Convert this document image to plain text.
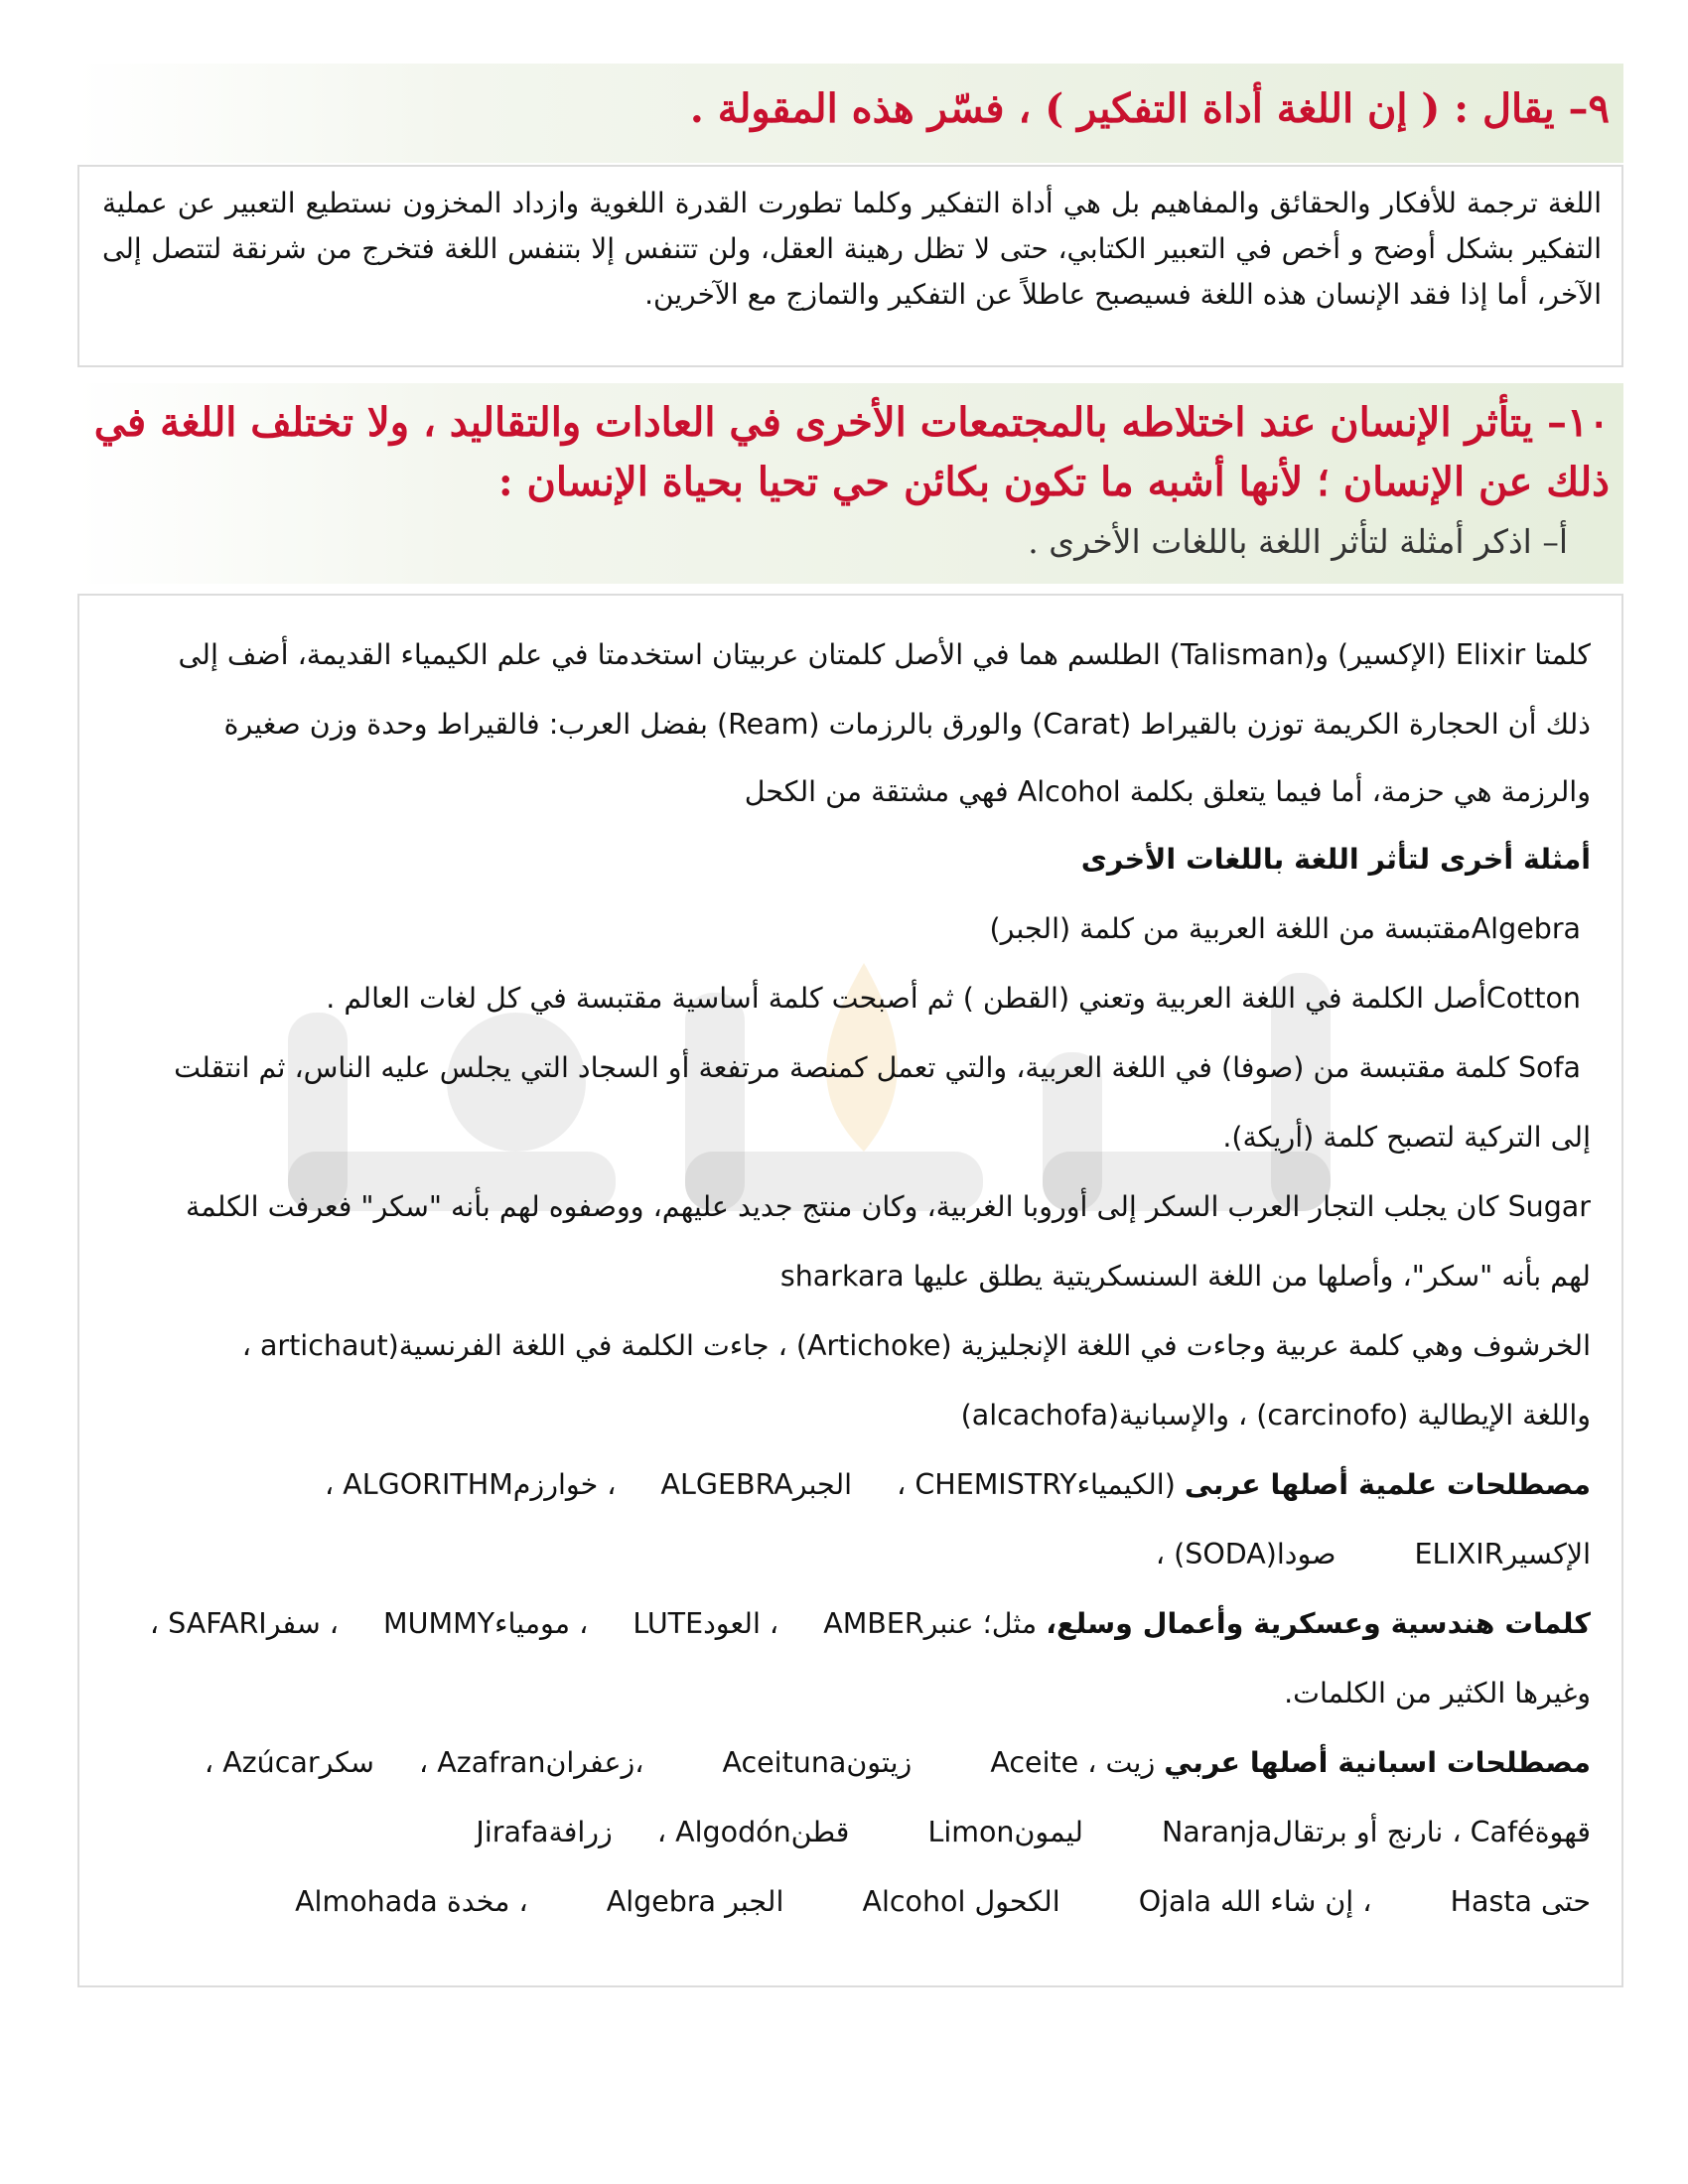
٩– يقال : ( إن اللغة أداة التفكير ) ، فسّر هذه المقولة .

اللغة ترجمة للأفكار والحقائق والمفاهيم بل هي أداة التفكير وكلما تطورت القدرة اللغوية وازداد المخزون نستطيع التعبير عن عملية التفكير بشكل أوضح و أخص في التعبير الكتابي، حتى لا تظل رهينة العقل، ولن تتنفس إلا بتنفس اللغة فتخرج من شرنقة لتتصل إلى الآخر، أما إذا فقد الإنسان هذه اللغة فسيصبح عاطلاً عن التفكير والتمازج مع الآخرين.

١٠– يتأثر الإنسان عند اختلاطه بالمجتمعات الأخرى في العادات والتقاليد ، ولا تختلف اللغة في
ذلك عن الإنسان ؛ لأنها أشبه ما تكون بكائن حي تحيا بحياة الإنسان :
أ– اذكر أمثلة لتأثر اللغة باللغات الأخرى .
كلمتا Elixir (الإكسير) و(Talisman) الطلسم هما في الأصل كلمتان عربيتان استخدمتا في علم الكيمياء القديمة، أضف إلى
ذلك أن الحجارة الكريمة توزن بالقيراط (Carat) والورق بالرزمات (Ream) بفضل العرب: فالقيراط وحدة وزن صغيرة
والرزمة هي حزمة، أما فيما يتعلق بكلمة Alcohol فهي مشتقة من الكحل
أمثلة أخرى لتأثر اللغة باللغات الأخرى
Algebraمقتبسة من اللغة العربية من كلمة (الجبر)
Cottonأصل الكلمة في اللغة العربية وتعني (القطن ) ثم أصبحت كلمة أساسية مقتبسة في كل لغات العالم .
Sofa كلمة مقتبسة من (صوفا) في اللغة العربية، والتي تعمل كمنصة مرتفعة أو السجاد التي يجلس عليه الناس، ثم انتقلت
إلى التركية لتصبح كلمة (أريكة).
Sugar كان يجلب التجار العرب السكر إلى أوروبا الغربية، وكان منتج جديد عليهم، ووصفوه لهم بأنه "سكر" فعرفت الكلمة
لهم بأنه "سكر"، وأصلها من اللغة السنسكريتية يطلق عليها sharkara
الخرشوف وهي كلمة عربية وجاءت في اللغة الإنجليزية (Artichoke) ، جاءت الكلمة في اللغة الفرنسية(artichaut ،
واللغة الإيطالية (carcinofo) ، والإسبانية(alcachofa)
مصطلحات علمية أصلها عربى (الكيمياءCHEMISTRY ، الجبرALGEBRA ، خوارزمALGORITHM ،
الإكسيرELIXIR صودا(SODA) ،
كلمات هندسية وعسكرية وأعمال وسلع، مثل؛ عنبرAMBER ، العودLUTE ، مومياءMUMMY ، سفرSAFARI ،
وغيرها الكثير من الكلمات.
مصطلحات اسبانية أصلها عربي زيت ، Aceite زيتونAceituna ،زعفرانAzafran ، سكرAzúcar ،
قهوةCafé ، نارنج أو برتقالNaranja ليمونLimon قطنAlgodón ، زرافةJirafa
حتى Hasta ، إن شاء الله Ojala الكحول Alcohol الجبر Algebra ، مخدة Almohada
